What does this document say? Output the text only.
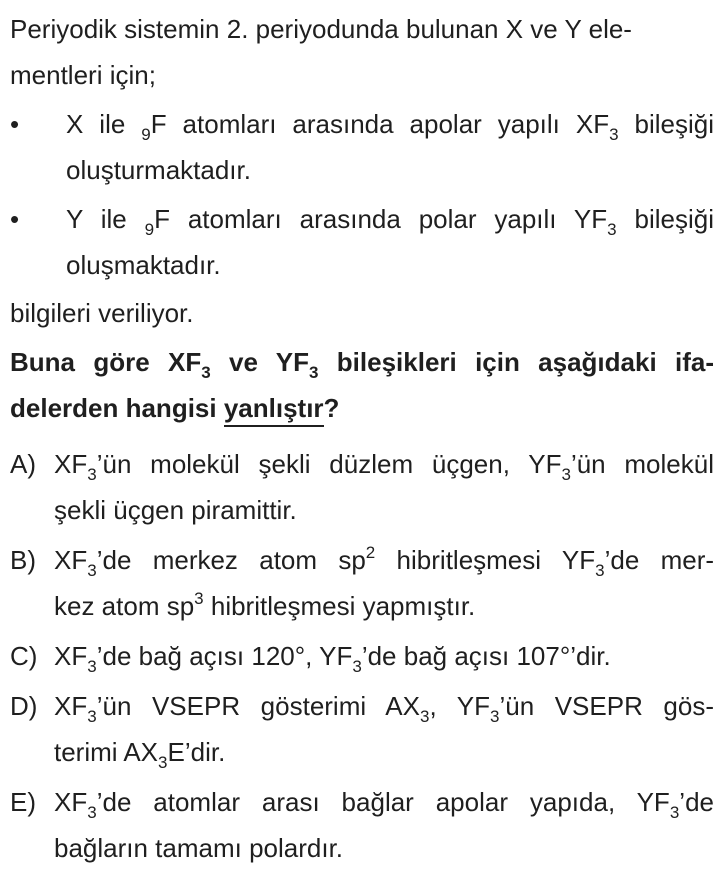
Periyodik sistemin 2. periyodunda bulunan X ve Y ele-
mentleri için;
• X ile $_9$F atomları arasında apolar yapılı $XF_3$ bileşiği
oluşturmaktadır.
• Y ile $_9$F atomları arasında polar yapılı $YF_3$ bileşiği
oluşmaktadır.
bilgileri veriliyor.
Buna göre $XF_3$ ve $YF_3$ bileşikleri için aşağıdaki ifa-
delerden hangisi yanlıştır?
A) $XF_3’ün$ molekül şekli düzlem üçgen, $YF_3’ün$ molekül
şekli üçgen piramittir.
B) $XF_3’de$ merkez atom $sp^2$ hibritleşmesi $YF_3’de$ mer-
kez atom $sp^3$ hibritleşmesi yapmıştır.
C) $XF_3’de$ bağ açısı 120°, $YF_3’de$ bağ açısı 107°’dir.
D) $XF_3’ün$ VSEPR gösterimi $AX_3$, $YF_3’ün$ VSEPR gös-
terimi $AX_3E’dir$.
E) $XF_3’de$ atomlar arası bağlar apolar yapıda, $YF_3’de$
bağların tamamı polardır.
